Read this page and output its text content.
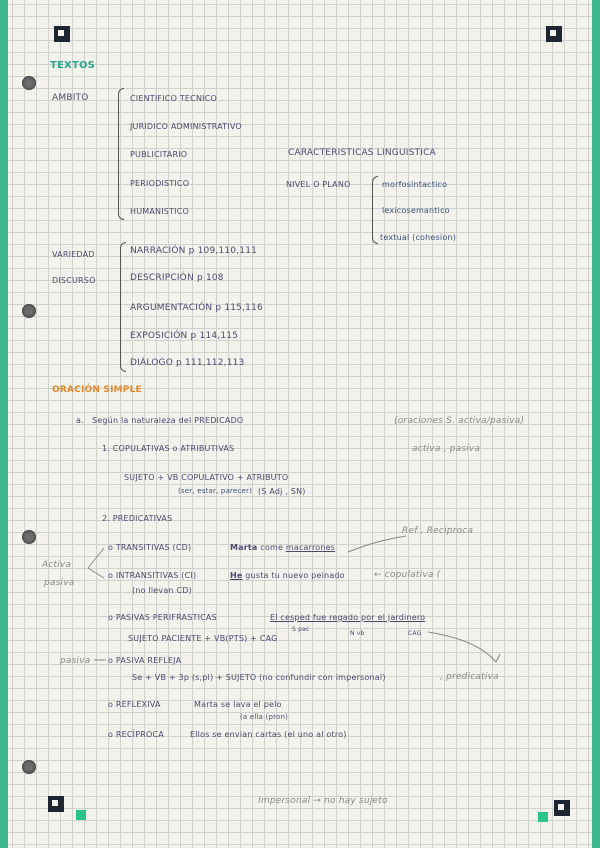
TEXTOS
AMBITO	CIENTIFICO TECNICO
JURIDICO ADMINISTRATIVO
PUBLICITARIO
PERIODISTICO
HUMANISTICO
CARACTERISTICAS LINGUISTICA
NIVEL O PLANO	morfosintactico
lexicosemantico
textual (cohesion)
VARIEDAD
DISCURSO
NARRACIÓN p 109,110,111
DESCRIPCIÓN p 108
ARGUMENTACIÓN p 115,116
EXPOSICIÓN p 114,115
DIÁLOGO p 111,112,113
ORACIÓN SIMPLE
a. Según la naturaleza del PREDICADO	(oraciones S. activa/pasiva)
activa , pasiva
1. COPULATIVAS o ATRIBUTIVAS
SUJETO + VB COPULATIVO + ATRIBUTO
(ser, estar, parecer) (S Adj , SN)
2. PREDICATIVAS
Ref , Reciproca
o TRANSITIVAS (CD)	Marta come macarrones
Activa
pasiva
o INTRANSITIVAS (CI)	He gusta tu nuevo peinado	← copulativa (
(no llevan CD)
o PASIVAS PERIFRASTICAS	El cesped fue regado por el jardinero
S pac
N vb	CAG
SUJETO PACIENTE + VB(PTS) + CAG
pasiva o PASIVA REFLEJA
Se + VB + 3p (s,pl) + SUJETO (no confundir con impersonal)	, predicativa
o REFLEXIVA	Marta se lava el pelo
(a ella (pron)
o RECÍPROCA	Ellos se envian cartas (el uno al otro)
Impersonal → no hay sujeto
